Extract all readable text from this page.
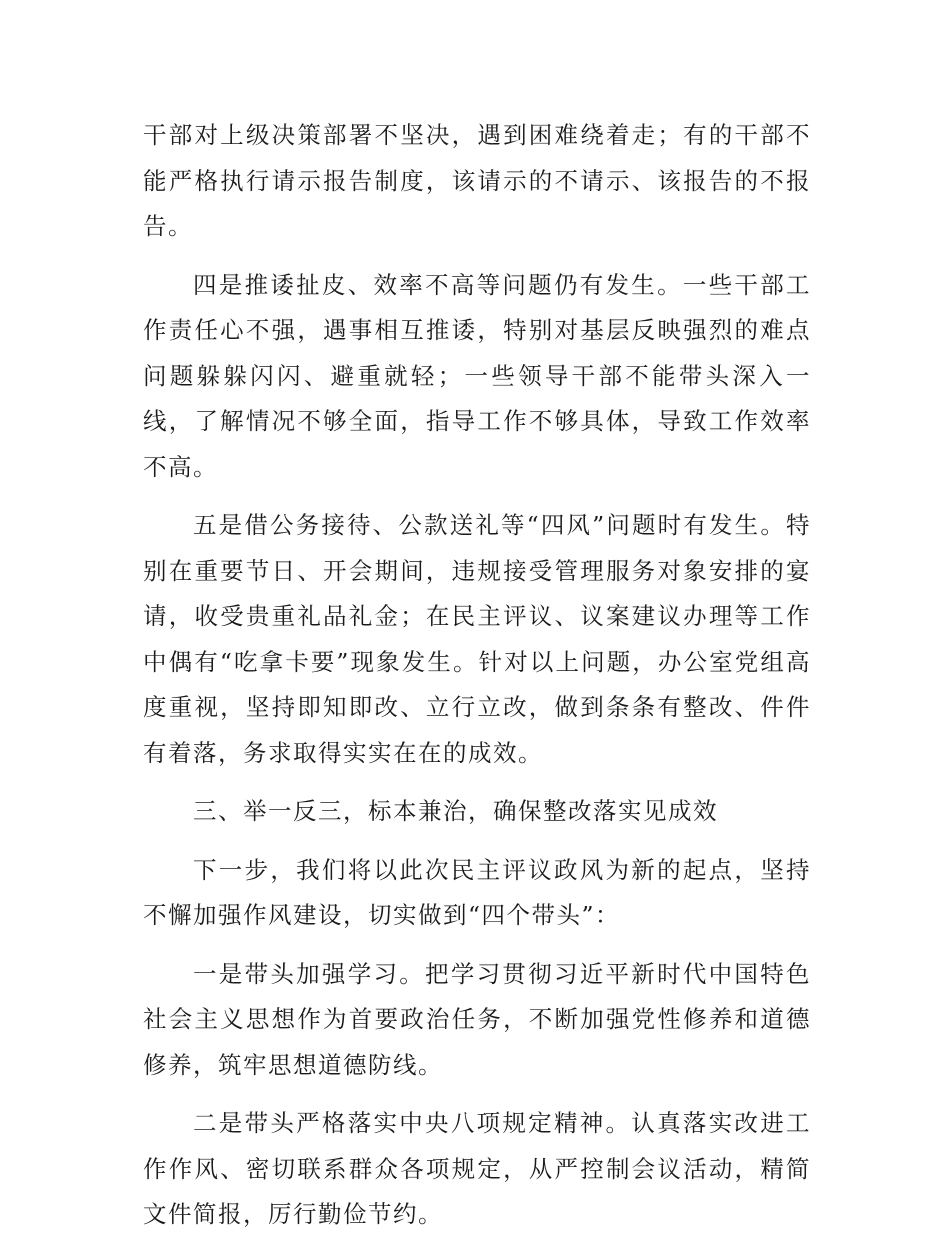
干部对上级决策部署不坚决，遇到困难绕着走；有的干部不能严格执行请示报告制度，该请示的不请示、该报告的不报告。

四是推诿扯皮、效率不高等问题仍有发生。一些干部工作责任心不强，遇事相互推诿，特别对基层反映强烈的难点问题躲躲闪闪、避重就轻；一些领导干部不能带头深入一线，了解情况不够全面，指导工作不够具体，导致工作效率不高。

五是借公务接待、公款送礼等“四风”问题时有发生。特别在重要节日、开会期间，违规接受管理服务对象安排的宴请，收受贵重礼品礼金；在民主评议、议案建议办理等工作中偶有“吃拿卡要”现象发生。针对以上问题，办公室党组高度重视，坚持即知即改、立行立改，做到条条有整改、件件有着落，务求取得实实在在的成效。

三、举一反三，标本兼治，确保整改落实见成效

下一步，我们将以此次民主评议政风为新的起点，坚持不懈加强作风建设，切实做到“四个带头”：

一是带头加强学习。把学习贯彻习近平新时代中国特色社会主义思想作为首要政治任务，不断加强党性修养和道德修养，筑牢思想道德防线。

二是带头严格落实中央八项规定精神。认真落实改进工作作风、密切联系群众各项规定，从严控制会议活动，精简文件简报，厉行勤俭节约。
